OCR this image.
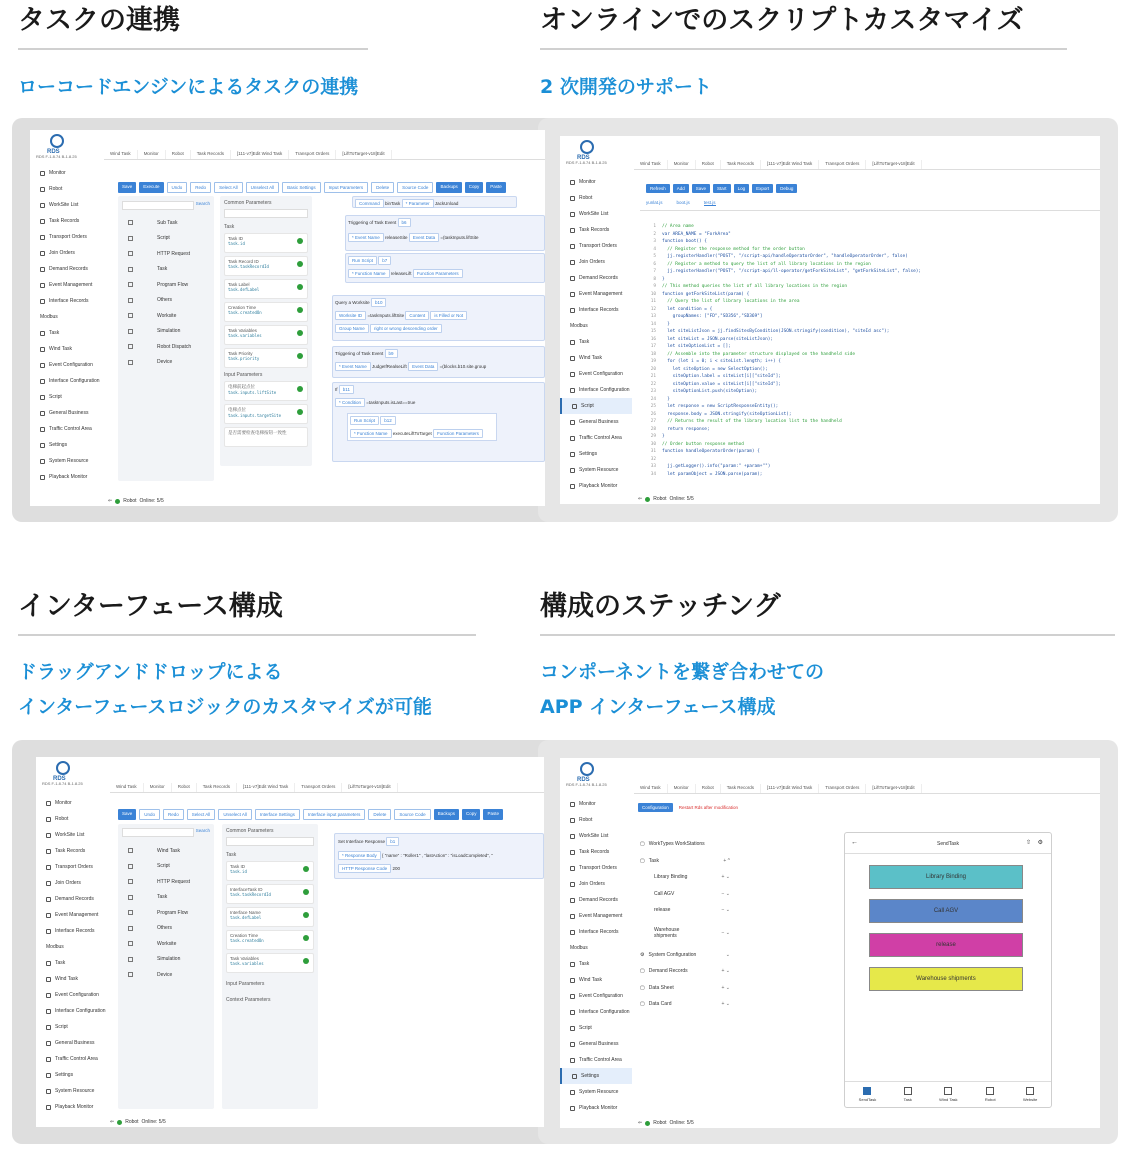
タスクの連携
ローコードエンジンによるタスクの連携
オンラインでのスクリプトカスタマイズ
2 次開発のサポート
インターフェース構成
ドラッグアンドドロップによる
インターフェースロジックのカスタマイズが可能
構成のステッチング
コンポーネントを繋ぎ合わせての
APP インターフェース構成
RDS
RDS F-1.8.74 B-1.8.25
Wind Task	Monitor	Robot	Task Records	[111-v7]Edit Wind Task	Transport Orders	[LiftToTarget-v18]Edit
Monitor
Robot
WorkSite List
Task Records
Transport Orders
Join Orders
Demand Records
Event Management
Interface Records
Modbus
Task
Wind Task
Event Configuration
Interface Configuration
Script
General Business
Traffic Control Area
Settings
System Resource
Playback Monitor
Save	Execute	Undo	Redo	Select All	Unselect All	Basic Settings	Input Parameters	Delete	Source Code	Backups	Copy	Paste
Search
Sub Task
Script
HTTP Request
Task
Program Flow
Others
Worksite
Simulation
Robot Dispatch
Device
Common Parameters
Task
Task ID
task.id
Task Record ID
task.taskRecordId
Task Label
task.defLabel
Creation Time
task.createdOn
Task Variables
task.variables
Task Priority
task.priority
Input Parameters
电梯前起点位
task.inputs.liftSite
电梯点位
task.inputs.targetSite
是否需要检查电梯按钮一致性
Command binTask * Parameter JackUnload
Triggering of Task Event b6
* Event Name releaseSite Event Data =(taskInputs.liftSite
Run Script b7
* Function Name releaseLift Function Parameters
Query a Worksite b10
Worksite ID =taskInputs.liftSite Content is Filled or Not
Group Name right or wrong descending order
Triggering of Task Event b9
* Event Name JudgeIfRealseLift Event Data =(blocks.b10.site.group
If b11
* Condition =taskInputs.isLast==true
Run Script b12
* Function Name executeLiftToTarget Function Parameters
⇐ Robot Online: 5/5
RDS
RDS F-1.8.74 B-1.8.25	Wind Task	Monitor	Robot	Task Records	[111-v7]Edit Wind Task	Transport Orders	[LiftToTarget-v18]Edit
Monitor
Robot
WorkSite List
Task Records
Transport Orders
Join Orders
Demand Records
Event Management
Interface Records
Modbus
Task
Wind Task
Event Configuration
Interface Configuration
Script
General Business
Traffic Control Area
Settings
System Resource
Playback Monitor
Refresh	Add	Save	Start	Log	Export	Debug
yunlat.js	boot.js	test.js
1 // Area name
2 var AREA_NAME = "ForkArea"
3 function boot() {
4  // Register the response method for the order button
5  jj.registerHandler("POST", "/script-api/handleOperatorOrder", "handleOperatorOrder", false)
6  // Register a method to query the list of all library locations in the region
7  jj.registerHandler("POST", "/script-api/ll-operator/getForkSiteList", "getForkSiteList", false);
8 }
9 // This method queries the list of all library locations in the region
10 function getForkSiteList(param) {
11  // Query the list of library locations in the area
12  let condition = {
13    groupNames: ["FD","SD356","SD369"]
14  }
15  let siteListJson = jj.findSitesByCondition(JSON.stringify(condition), "siteId asc");
16  let siteList = JSON.parse(siteListJson);
17  let siteOptionList = [];
18  // Assemble into the parameter structure displayed on the handheld side
19  for (let i = 0; i < siteList.length; i++) {
20    let siteOption = new SelectOption();
21    siteOption.label = siteList[i]["siteId"];
22    siteOption.value = siteList[i]["siteId"];
23    siteOptionList.push(siteOption);
24  }
25  let response = new ScriptResponseEntity();
26  response.body = JSON.stringify(siteOptionList);
27  // Returns the result of the library location list to the handheld
28  return response;
29 }
30 // Order button response method
31 function handleOperatorOrder(param) {
32
33  jj.getLogger().info("param:" +param+"")
34  let paramObject = JSON.parse(param);
⇐ Robot Online: 5/5
RDS
RDS F-1.8.74 B-1.8.25
Wind Task	Monitor	Robot	Task Records	[111-v7]Edit Wind Task	Transport Orders	[LiftToTarget-v18]Edit
Monitor
Robot
WorkSite List
Task Records
Transport Orders
Join Orders
Demand Records
Event Management
Interface Records
Modbus
Task
Wind Task
Event Configuration
Interface Configuration
Script
General Business
Traffic Control Area
Settings
System Resource
Playback Monitor
Save	Undo	Redo	Select All	Unselect All	Interface Settings	Interface input parameters	Delete	Source Code	Backups	Copy	Paste
Search
Wind Task
Script
HTTP Request
Task
Program Flow
Others
Worksite
Simulation
Device
Common Parameters
Task
Task ID
task.id
InterfaceTask ID
task.taskRecordId
Interface Name
task.defLabel
Creation Time
task.createdOn
Task Variables
task.variables
Input Parameters
Context Parameters
Set Interface Response b1
* Response Body { "name" : "Roller1" , "lastAction" : "isLoadCompleted", "
HTTP Response Code 200
⇐ Robot Online: 5/5
RDS
RDS F-1.8.74 B-1.8.25
Wind Task	Monitor	Robot	Task Records	[111-v7]Edit Wind Task	Transport Orders	[LiftToTarget-v18]Edit
Monitor
Robot
WorkSite List
Task Records
Transport Orders
Join Orders
Demand Records
Event Management
Interface Records
Modbus
Task
Wind Task
Event Configuration
Interface Configuration
Script
General Business
Traffic Control Area
Settings
System Resource
Playback Monitor
Configuration	Restart Rds after modification
▢ WorkTypes WorkStations
▢ Task	+ ^
Library Binding	+ ⌄
Call AGV	− ⌄
release	− ⌄
Warehouse shipments	− ⌄
⚙ System Configuration	⌄
▢ Demand Records	+ ⌄
▢ Data Sheet	+ ⌄
▢ Data Card	+ ⌄
←	SendTask	⇧ ⚙
Library Binding
Call AGV
release
Warehouse shipments
SendTask	Task	Wind Task	Robot	Website
⇐ Robot Online: 5/5
